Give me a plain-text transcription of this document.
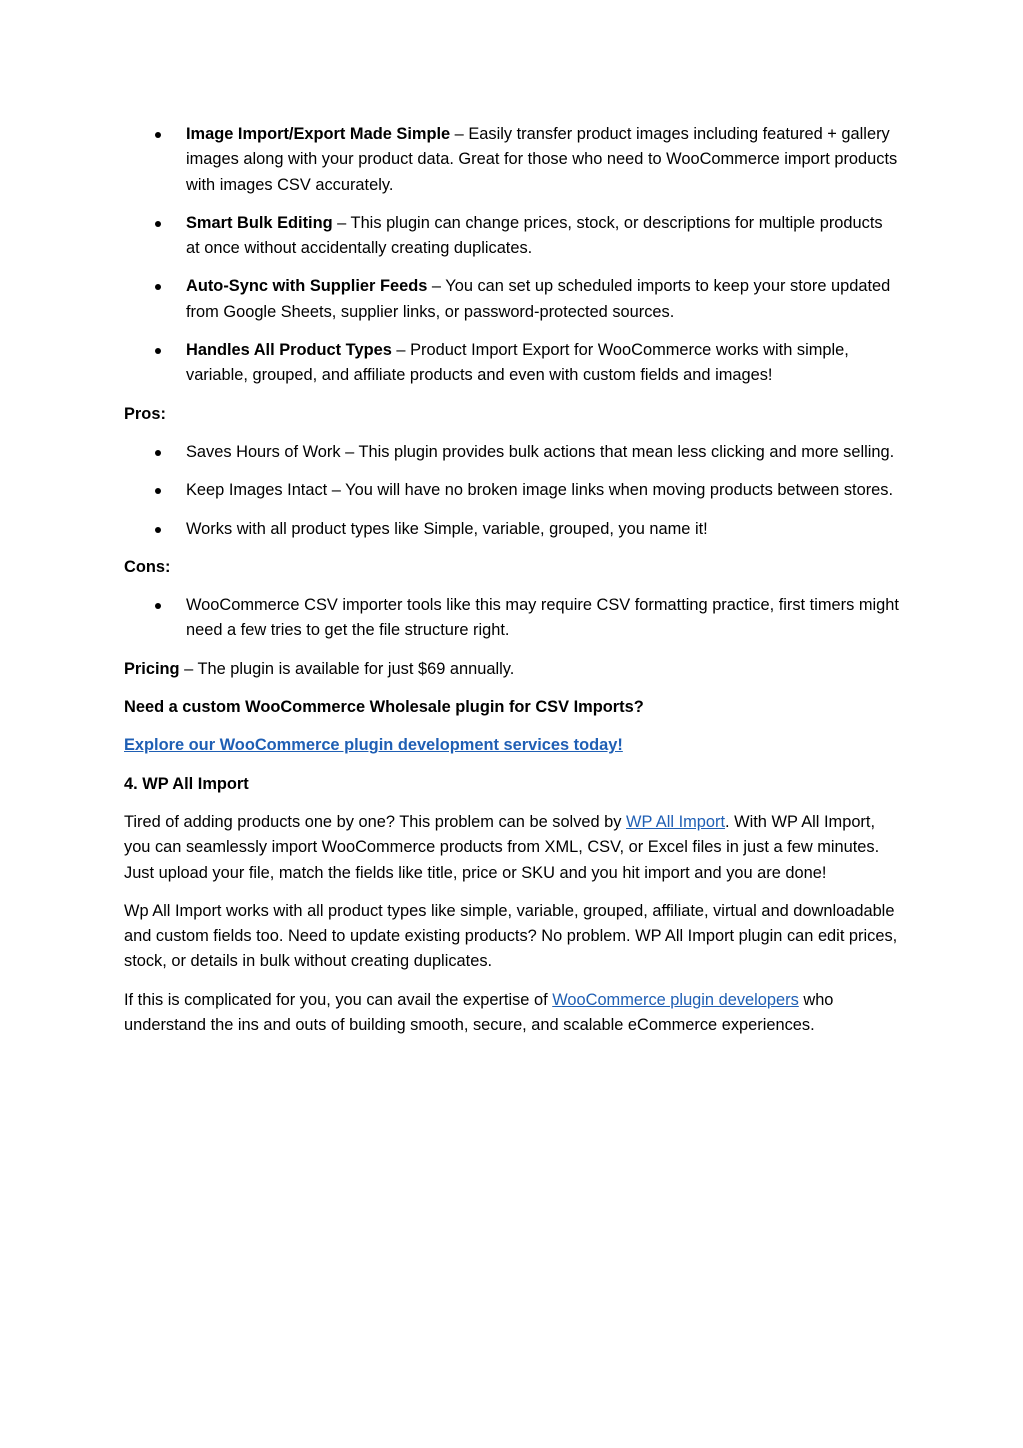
Image Import/Export Made Simple – Easily transfer product images including featured + gallery images along with your product data. Great for those who need to WooCommerce import products with images CSV accurately.
Smart Bulk Editing – This plugin can change prices, stock, or descriptions for multiple products at once without accidentally creating duplicates.
Auto-Sync with Supplier Feeds – You can set up scheduled imports to keep your store updated from Google Sheets, supplier links, or password-protected sources.
Handles All Product Types – Product Import Export for WooCommerce works with simple, variable, grouped, and affiliate products and even with custom fields and images!

Pros:

Saves Hours of Work – This plugin provides bulk actions that mean less clicking and more selling.
Keep Images Intact – You will have no broken image links when moving products between stores.
Works with all product types like Simple, variable, grouped, you name it!

Cons:

WooCommerce CSV importer tools like this may require CSV formatting practice, first timers might need a few tries to get the file structure right.

Pricing – The plugin is available for just $69 annually.

Need a custom WooCommerce Wholesale plugin for CSV Imports?

Explore our WooCommerce plugin development services today!

4. WP All Import

Tired of adding products one by one? This problem can be solved by WP All Import. With WP All Import, you can seamlessly import WooCommerce products from XML, CSV, or Excel files in just a few minutes. Just upload your file, match the fields like title, price or SKU and you hit import and you are done!

Wp All Import works with all product types like simple, variable, grouped, affiliate, virtual and downloadable and custom fields too. Need to update existing products? No problem. WP All Import plugin can edit prices, stock, or details in bulk without creating duplicates.

If this is complicated for you, you can avail the expertise of WooCommerce plugin developers who understand the ins and outs of building smooth, secure, and scalable eCommerce experiences.
